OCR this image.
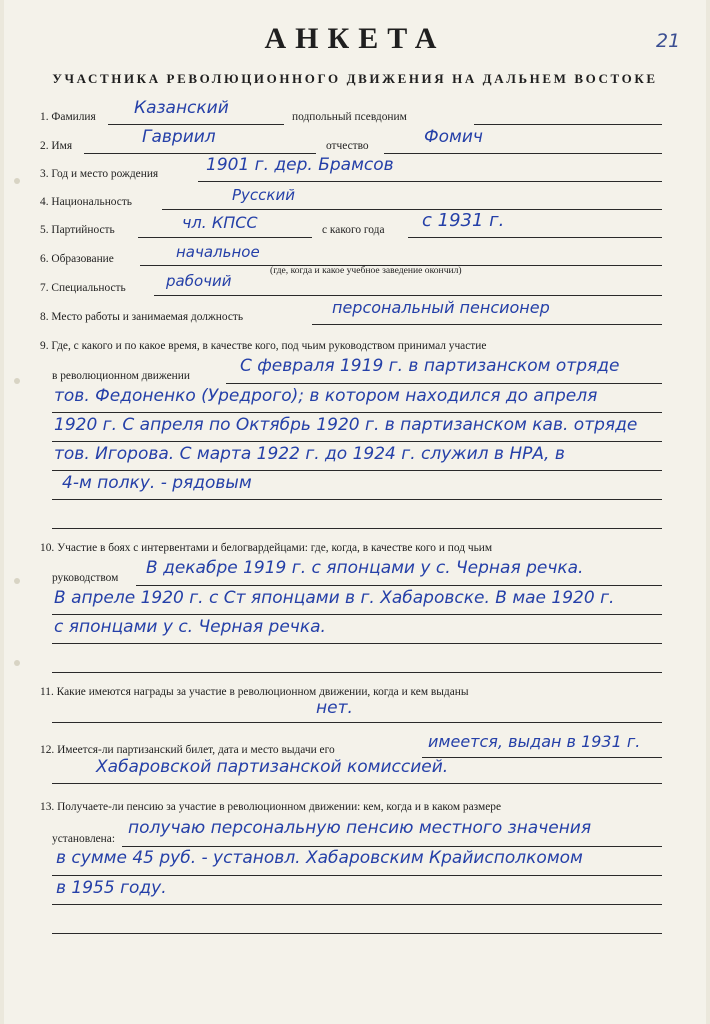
21
АНКЕТА
УЧАСТНИКА РЕВОЛЮЦИОННОГО ДВИЖЕНИЯ НА ДАЛЬНЕМ ВОСТОКЕ
1. Фамилия Казанский	подпольный псевдоним
2. Имя	Гавриил	отчество	Фомич
3. Год и место рождения	1901 г. дер. Брамсов
4. Национальность	Русский
5. Партийность	чл. КПСС	с какого года с 1931 г.
6. Образование	начальное
(где, когда и какое учебное заведение окончил)
7. Специальность	рабочий
8. Место работы и занимаемая должность	персональный пенсионер
9. Где, с какого и по какое время, в качестве кого, под чьим руководством принимал участие
в революционном движении	С февраля 1919 г. в партизанском отряде
тов. Федоненко (Уредрого); в котором находился до апреля
1920 г. С апреля по Октябрь 1920 г. в партизанском кав. отряде
тов. Игорова. С марта 1922 г. до 1924 г. служил в НРА, в
4-м полку. - рядовым
10. Участие в боях с интервентами и белогвардейцами: где, когда, в качестве кого и под чьим
руководством В декабре 1919 г. с японцами у с. Черная речка.
В апреле 1920 г. с Ст японцами в г. Хабаровске. В мае 1920 г.
с японцами у с. Черная речка.
11. Какие имеются награды за участие в революционном движении, когда и кем выданы
нет.
12. Имеется-ли партизанский билет, дата и место выдачи его	имеется, выдан в 1931 г.
Хабаровской партизанской комиссией.
13. Получаете-ли пенсию за участие в революционном движении: кем, когда и в каком размере
установлена:
получаю персональную пенсию местного значения
в сумме 45 руб. - установл. Хабаровским Крайисполкомом
в 1955 году.
